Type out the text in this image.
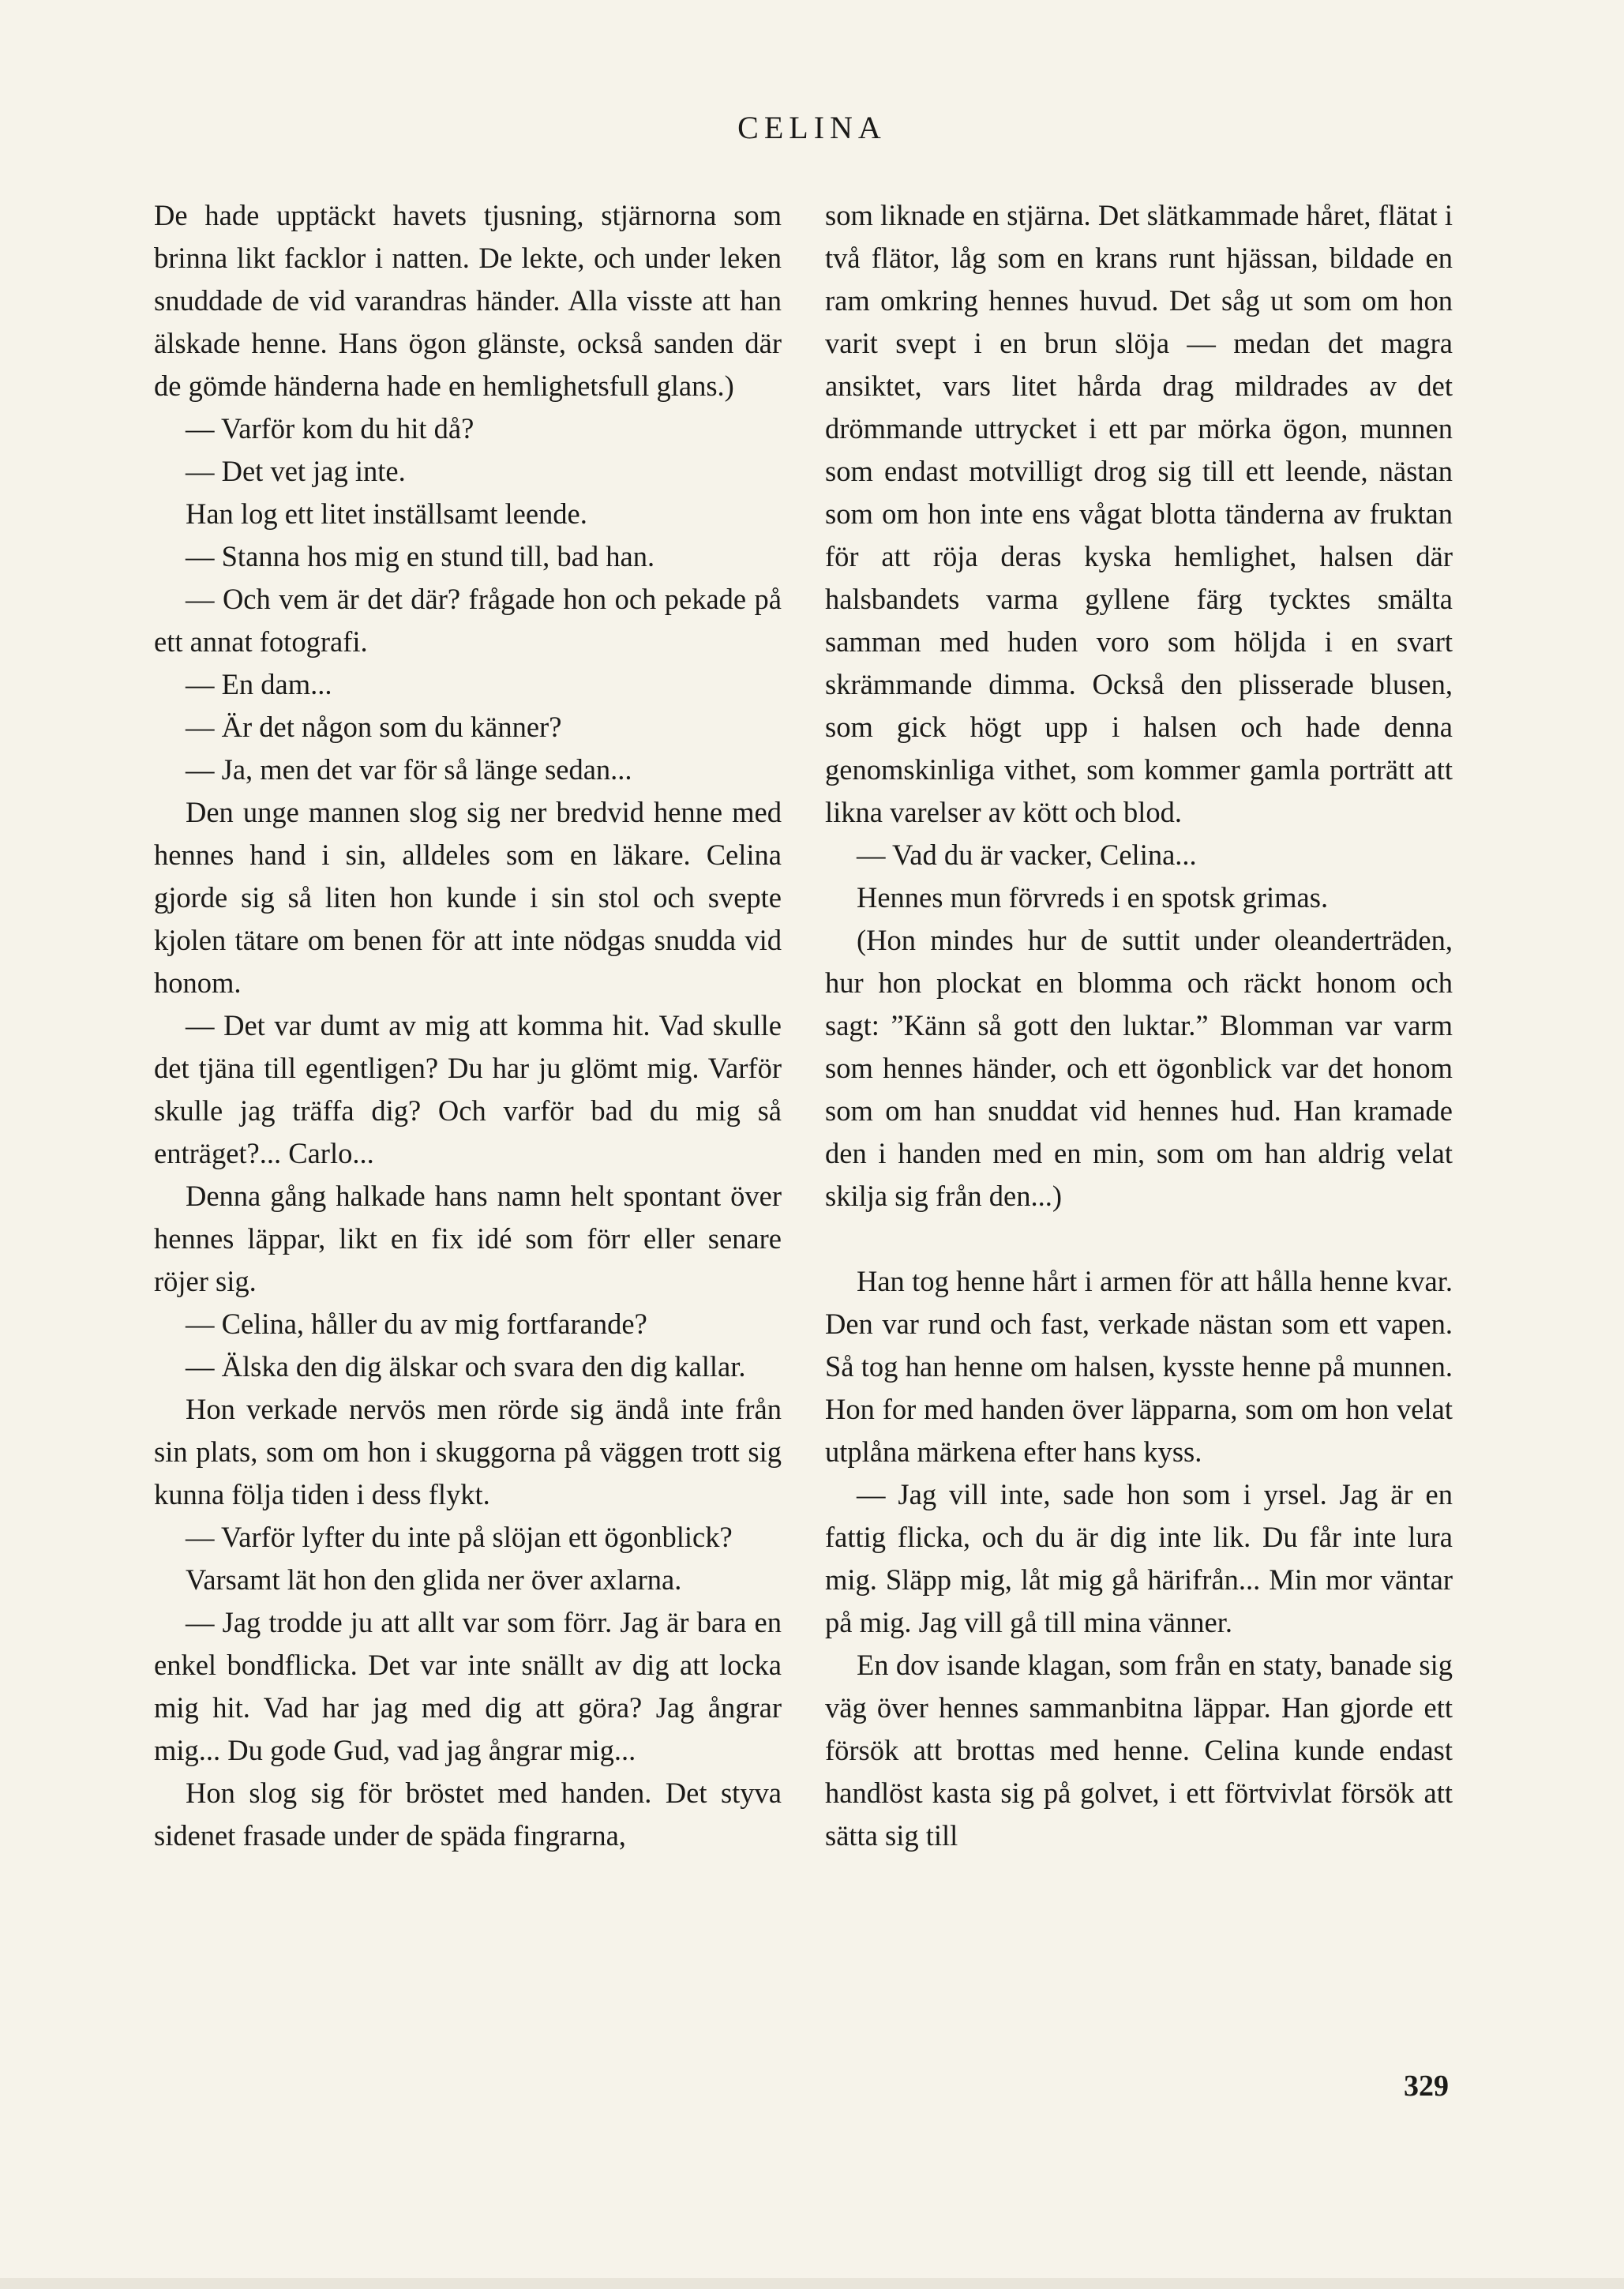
CELINA

De hade upptäckt havets tjusning, stjärnorna som brinna likt facklor i natten. De lekte, och under leken snuddade de vid varandras händer. Alla visste att han älskade henne. Hans ögon glänste, också sanden där de gömde händerna hade en hemlighetsfull glans.)

— Varför kom du hit då?

— Det vet jag inte.

Han log ett litet inställsamt leende.

— Stanna hos mig en stund till, bad han.

— Och vem är det där? frågade hon och pekade på ett annat fotografi.

— En dam...

— Är det någon som du känner?

— Ja, men det var för så länge sedan...

Den unge mannen slog sig ner bredvid henne med hennes hand i sin, alldeles som en läkare. Celina gjorde sig så liten hon kunde i sin stol och svepte kjolen tätare om benen för att inte nödgas snudda vid honom.

— Det var dumt av mig att komma hit. Vad skulle det tjäna till egentligen? Du har ju glömt mig. Varför skulle jag träffa dig? Och varför bad du mig så enträget?... Carlo...

Denna gång halkade hans namn helt spontant över hennes läppar, likt en fix idé som förr eller senare röjer sig.

— Celina, håller du av mig fortfarande?

— Älska den dig älskar och svara den dig kallar.

Hon verkade nervös men rörde sig ändå inte från sin plats, som om hon i skuggorna på väggen trott sig kunna följa tiden i dess flykt.

— Varför lyfter du inte på slöjan ett ögonblick?

Varsamt lät hon den glida ner över axlarna.

— Jag trodde ju att allt var som förr. Jag är bara en enkel bondflicka. Det var inte snällt av dig att locka mig hit. Vad har jag med dig att göra? Jag ångrar mig... Du gode Gud, vad jag ångrar mig...

Hon slog sig för bröstet med handen. Det styva sidenet frasade under de späda fingrarna,

som liknade en stjärna. Det slätkammade håret, flätat i två flätor, låg som en krans runt hjässan, bildade en ram omkring hennes huvud. Det såg ut som om hon varit svept i en brun slöja — medan det magra ansiktet, vars litet hårda drag mildrades av det drömmande uttrycket i ett par mörka ögon, munnen som endast motvilligt drog sig till ett leende, nästan som om hon inte ens vågat blotta tänderna av fruktan för att röja deras kyska hemlighet, halsen där halsbandets varma gyllene färg tycktes smälta samman med huden voro som höljda i en svart skrämmande dimma. Också den plisserade blusen, som gick högt upp i halsen och hade denna genomskinliga vithet, som kommer gamla porträtt att likna varelser av kött och blod.

— Vad du är vacker, Celina...

Hennes mun förvreds i en spotsk grimas.

(Hon mindes hur de suttit under oleanderträden, hur hon plockat en blomma och räckt honom och sagt: ”Känn så gott den luktar.” Blomman var varm som hennes händer, och ett ögonblick var det honom som om han snuddat vid hennes hud. Han kramade den i handen med en min, som om han aldrig velat skilja sig från den...)

Han tog henne hårt i armen för att hålla henne kvar. Den var rund och fast, verkade nästan som ett vapen. Så tog han henne om halsen, kysste henne på munnen. Hon for med handen över läpparna, som om hon velat utplåna märkena efter hans kyss.

— Jag vill inte, sade hon som i yrsel. Jag är en fattig flicka, och du är dig inte lik. Du får inte lura mig. Släpp mig, låt mig gå härifrån... Min mor väntar på mig. Jag vill gå till mina vänner.

En dov isande klagan, som från en staty, banade sig väg över hennes sammanbitna läppar. Han gjorde ett försök att brottas med henne. Celina kunde endast handlöst kasta sig på golvet, i ett förtvivlat försök att sätta sig till

329
